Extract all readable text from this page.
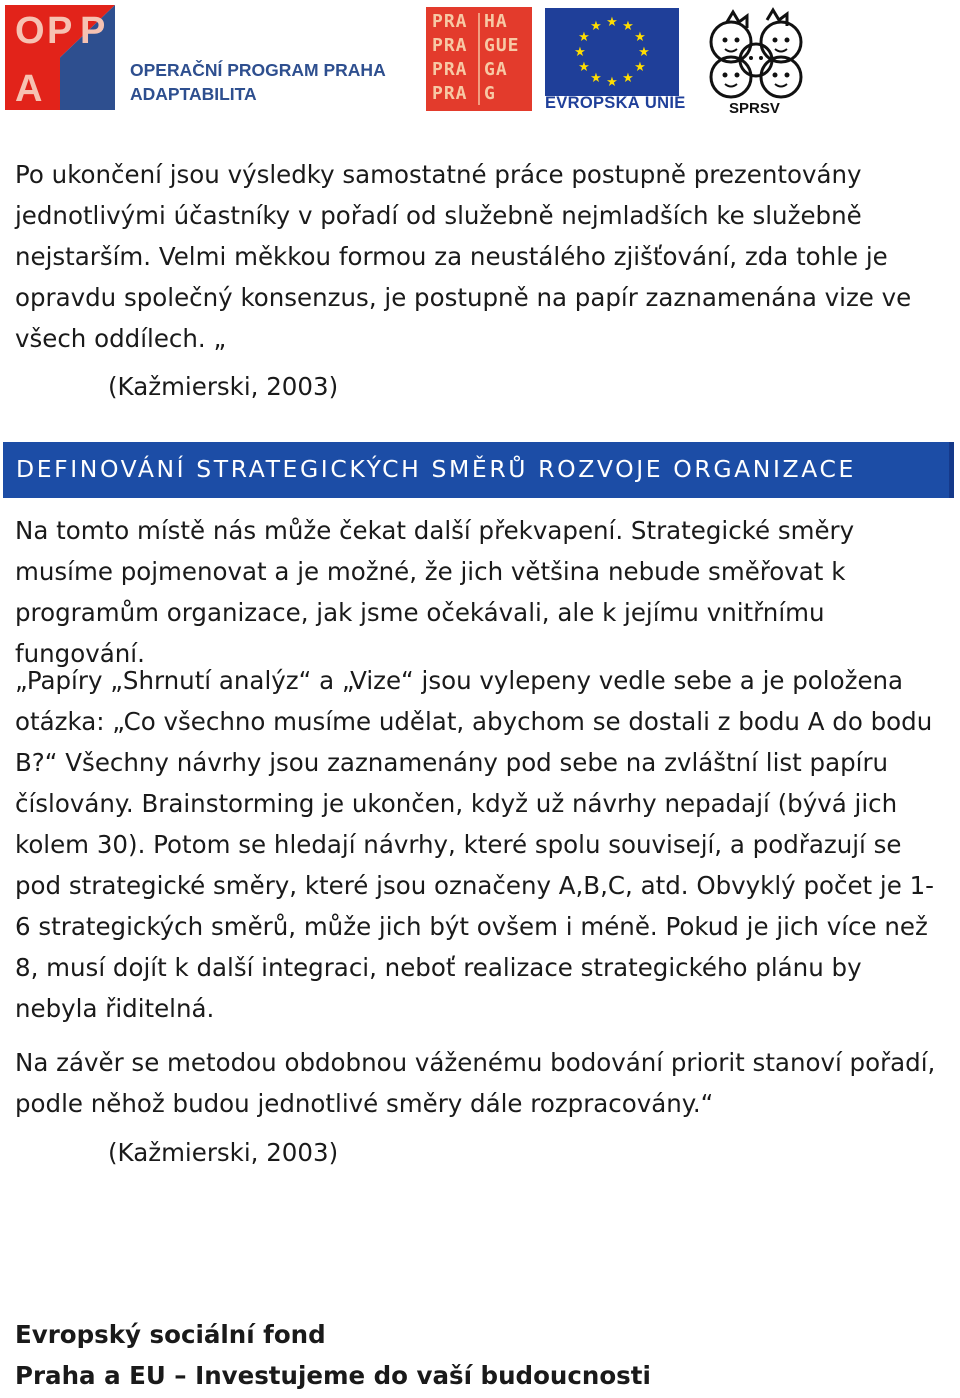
O P P
A	OPERAČNÍ PROGRAM PRAHA
ADAPTABILITA
PRA HA
PRA GUE
PRA GA
PRA G
★ ★
★
★
★
★
★
★
★
★
★
★
EVROPSKÁ UNIE	SPRSV

Po ukončení jsou výsledky samostatné práce postupně prezentovány jednotlivými účastníky v pořadí od služebně nejmladších ke služebně nejstarším. Velmi měkkou formou za neustálého zjišťování, zda tohle je opravdu společný konsenzus, je postupně na papír zaznamenána vize ve všech oddílech. „

(Kažmierski, 2003)
DEFINOVÁNÍ STRATEGICKÝCH SMĚRŮ ROZVOJE ORGANIZACE

Na tomto místě nás může čekat další překvapení. Strategické směry musíme pojmenovat a je možné, že jich většina nebude směřovat k programům organizace, jak jsme očekávali, ale k jejímu vnitřnímu fungování.

„Papíry „Shrnutí analýz“ a „Vize“ jsou vylepeny vedle sebe a je položena otázka: „Co všechno musíme udělat, abychom se dostali z bodu A do bodu B?“ Všechny návrhy jsou zaznamenány pod sebe na zvláštní list papíru číslovány. Brainstorming je ukončen, když už návrhy nepadají (bývá jich kolem 30). Potom se hledají návrhy, které spolu souvisejí, a podřazují se pod strategické směry, které jsou označeny A,B,C, atd. Obvyklý počet je 1-6 strategických směrů, může jich být ovšem i méně. Pokud je jich více než 8, musí dojít k další integraci, neboť realizace strategického plánu by nebyla řiditelná.

Na závěr se metodou obdobnou váženému bodování priorit stanoví pořadí, podle něhož budou jednotlivé směry dále rozpracovány.“

(Kažmierski, 2003)
Evropský sociální fond
Praha a EU – Investujeme do vaší budoucnosti
